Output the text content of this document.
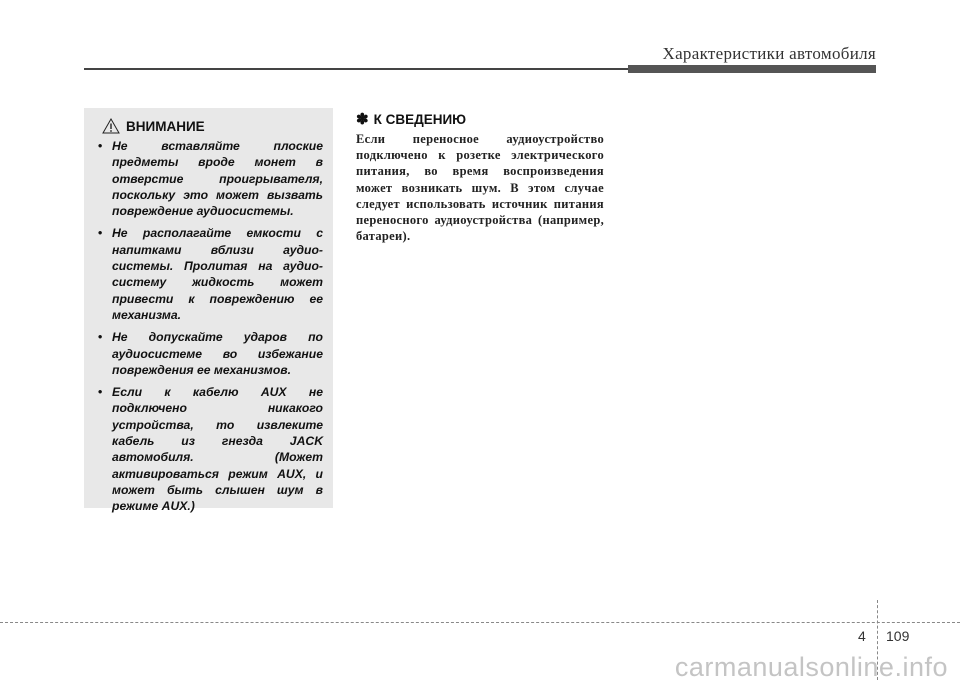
Характеристики автомобиля
ВНИМАНИЕ
• Не вставляйте плоские предметы вроде монет в отверстие проигрывателя, поскольку это может вызвать повреждение аудиосистемы.
• Не располагайте емкости с напитками вблизи аудио-системы. Пролитая на аудио-систему жидкость может привести к повреждению ее механизма.
• Не допускайте ударов по аудиосистеме во избежание повреждения ее механизмов.
• Если к кабелю AUX не подключено никакого устройства, то извлеките кабель из гнезда JACK автомобиля. (Может активироваться режим AUX, и может быть слышен шум в режиме AUX.)
✽ К СВЕДЕНИЮ

Если переносное аудиоустройство подключено к розетке электрического питания, во время воспроизведения может возникать шум. В этом случае следует использовать источник питания переносного аудиоустройства (например, батареи).

4 109
carmanualsonline.info
